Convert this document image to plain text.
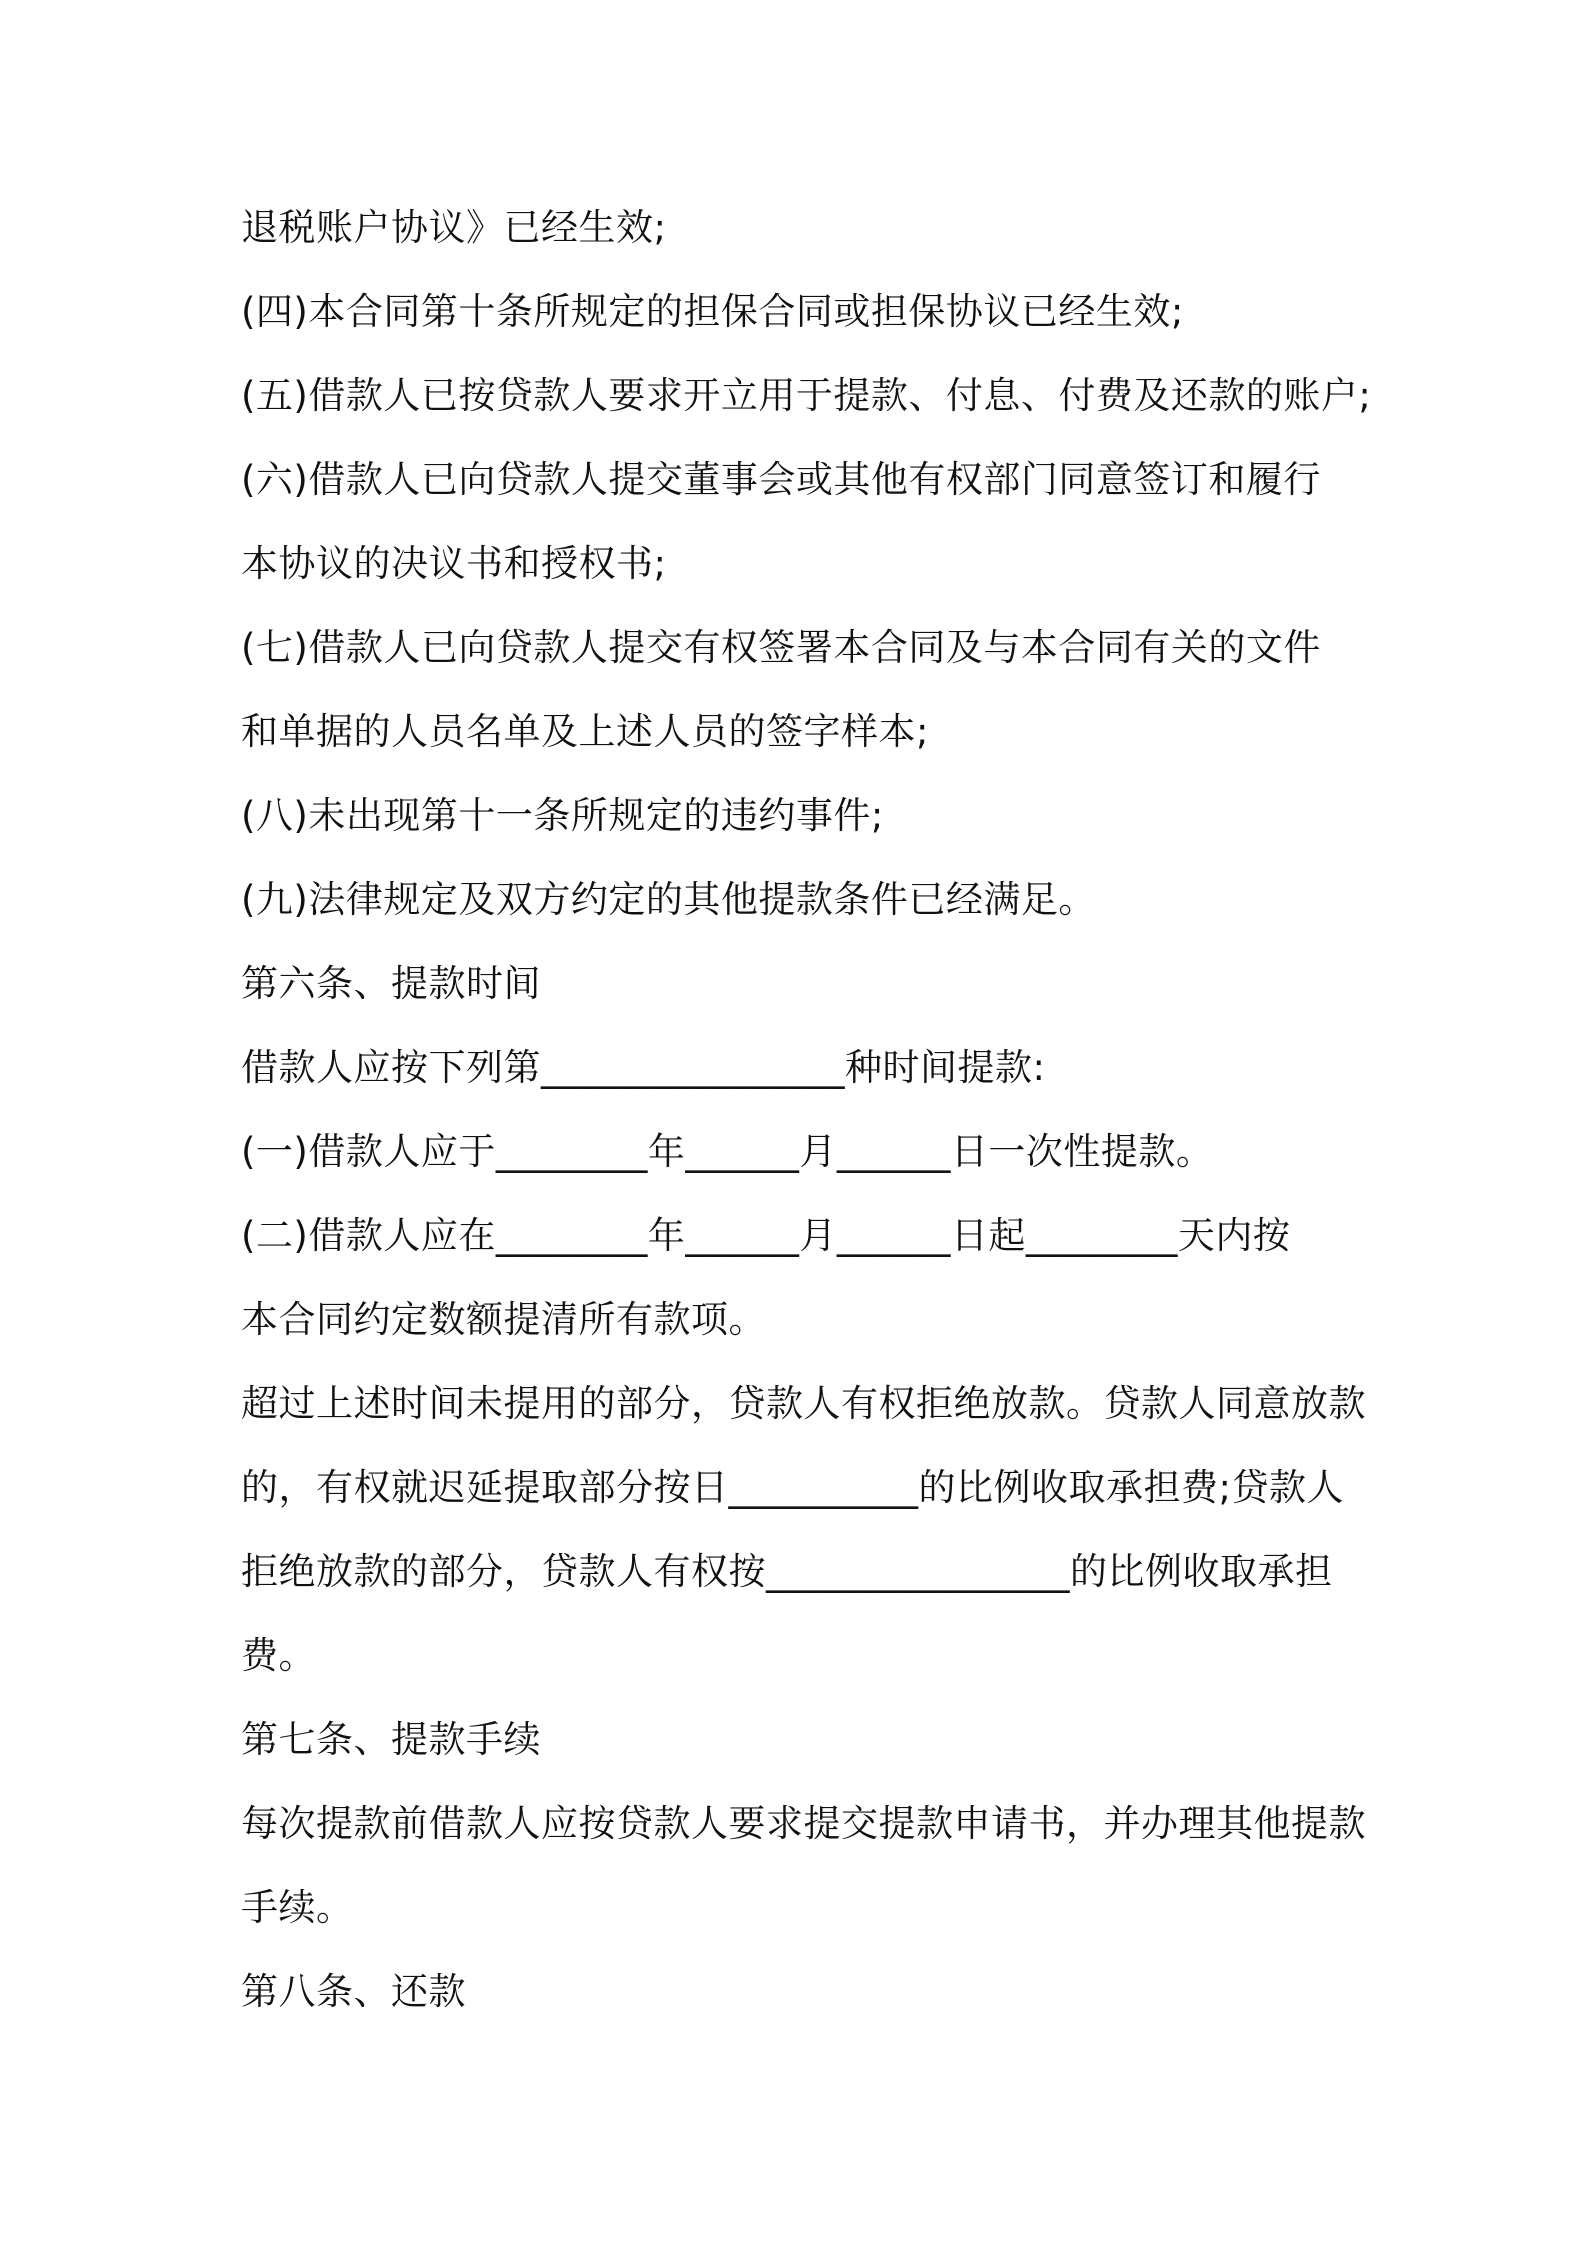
退税账户协议》已经生效;
(四)本合同第十条所规定的担保合同或担保协议已经生效;
(五)借款人已按贷款人要求开立用于提款、付息、付费及还款的账户;
(六)借款人已向贷款人提交董事会或其他有权部门同意签订和履行
本协议的决议书和授权书;
(七)借款人已向贷款人提交有权签署本合同及与本合同有关的文件
和单据的人员名单及上述人员的签字样本;
(八)未出现第十一条所规定的违约事件;
(九)法律规定及双方约定的其他提款条件已经满足。
第六条、提款时间
借款人应按下列第________________种时间提款:
(一)借款人应于________年______月______日一次性提款。
(二)借款人应在________年______月______日起________天内按
本合同约定数额提清所有款项。
超过上述时间未提用的部分，贷款人有权拒绝放款。贷款人同意放款
的，有权就迟延提取部分按日__________的比例收取承担费;贷款人
拒绝放款的部分，贷款人有权按________________的比例收取承担
费。
第七条、提款手续
每次提款前借款人应按贷款人要求提交提款申请书，并办理其他提款
手续。
第八条、还款
